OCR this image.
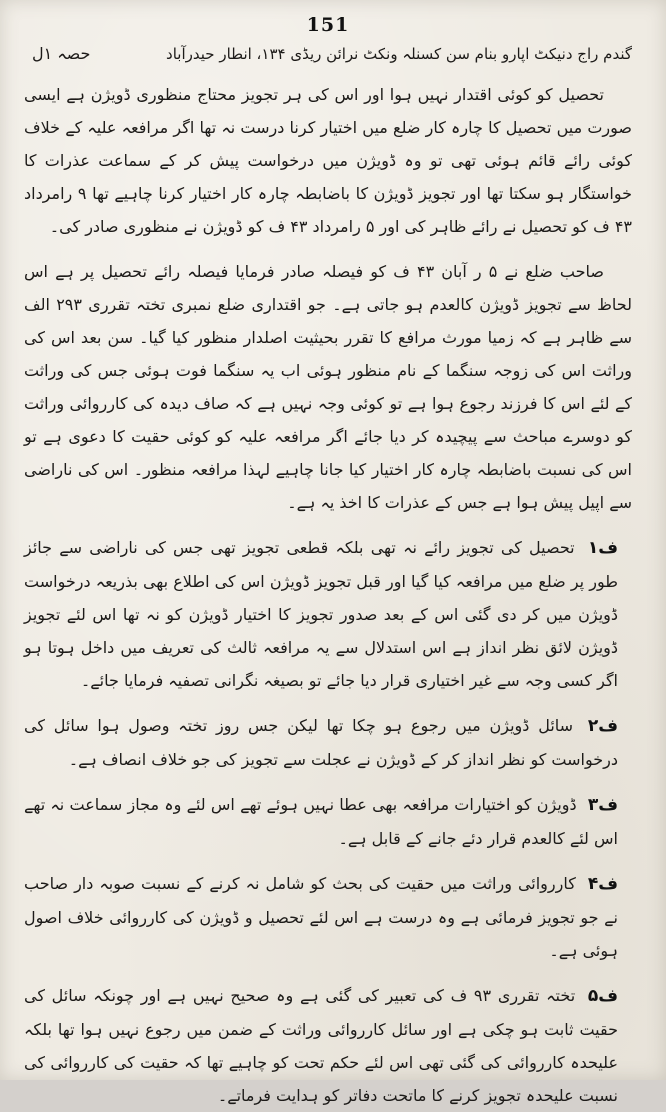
151
گندم راج دنیکٹ اپارو بنام سن کسنلہ ونکٹ نرائن ریڈی ۱۳۴، انطار حیدرآباد
حصہ ۱ل

تحصیل کو کوئی اقتدار نہیں ہوا اور اس کی ہر تجویز محتاج منظوری ڈویژن ہے ایسی صورت میں تحصیل کا چارہ کار ضلع میں اختیار کرنا درست نہ تھا اگر مرافعہ علیہ کے خلاف کوئی رائے قائم ہوئی تھی تو وہ ڈویژن میں درخواست پیش کر کے سماعت عذرات کا خواستگار ہو سکتا تھا اور تجویز ڈویژن کا باضابطہ چارہ کار اختیار کرنا چاہیے تھا ۹ رامرداد ۴۳ ف کو تحصیل نے رائے ظاہر کی اور ۵ رامرداد ۴۳ ف کو ڈویژن نے منظوری صادر کی۔

صاحب ضلع نے ۵ ر آبان ۴۳ ف کو فیصلہ صادر فرمایا فیصلہ رائے تحصیل پر ہے اس لحاظ سے تجویز ڈویژن کالعدم ہو جاتی ہے۔ جو اقتداری ضلع نمبری تختہ تقرری ۲۹۳ الف سے ظاہر ہے کہ زمیا مورث مرافع کا تقرر بحیثیت اصلدار منظور کیا گیا۔ سن بعد اس کی وراثت اس کی زوجہ سنگما کے نام منظور ہوئی اب یہ سنگما فوت ہوئی جس کی وراثت کے لئے اس کا فرزند رجوع ہوا ہے تو کوئی وجہ نہیں ہے کہ صاف دیدہ کی کارروائی وراثت کو دوسرے مباحث سے پیچیدہ کر دیا جائے اگر مرافعہ علیہ کو کوئی حقیت کا دعوی ہے تو اس کی نسبت باضابطہ چارہ کار اختیار کیا جانا چاہیے لہذا مرافعہ منظور۔ اس کی ناراضی سے اپیل پیش ہوا ہے جس کے عذرات کا اخذ یہ ہے۔

ف۱ تحصیل کی تجویز رائے نہ تھی بلکہ قطعی تجویز تھی جس کی ناراضی سے جائز طور پر ضلع میں مرافعہ کیا گیا اور قبل تجویز ڈویژن اس کی اطلاع بھی بذریعہ درخواست ڈویژن میں کر دی گئی اس کے بعد صدور تجویز کا اختیار ڈویژن کو نہ تھا اس لئے تجویز ڈویژن لائق نظر انداز ہے اس استدلال سے یہ مرافعہ ثالث کی تعریف میں داخل ہوتا ہو اگر کسی وجہ سے غیر اختیاری قرار دیا جائے تو بصیغہ نگرانی تصفیہ فرمایا جائے۔

ف۲ سائل ڈویژن میں رجوع ہو چکا تھا لیکن جس روز تختہ وصول ہوا سائل کی درخواست کو نظر انداز کر کے ڈویژن نے عجلت سے تجویز کی جو خلاف انصاف ہے۔

ف۳ ڈویژن کو اختیارات مرافعہ بھی عطا نہیں ہوئے تھے اس لئے وہ مجاز سماعت نہ تھے اس لئے کالعدم قرار دئے جانے کے قابل ہے۔

ف۴ کارروائی وراثت میں حقیت کی بحث کو شامل نہ کرنے کے نسبت صوبہ دار صاحب نے جو تجویز فرمائی ہے وہ درست ہے اس لئے تحصیل و ڈویژن کی کارروائی خلاف اصول ہوئی ہے۔

ف۵ تختہ تقرری ۹۳ ف کی تعبیر کی گئی ہے وہ صحیح نہیں ہے اور چونکہ سائل کی حقیت ثابت ہو چکی ہے اور سائل کارروائی وراثت کے ضمن میں رجوع نہیں ہوا تھا بلکہ علیحدہ کارروائی کی گئی تھی اس لئے حکم تحت کو چاہیے تھا کہ حقیت کی کارروائی کی نسبت علیحدہ تجویز کرنے کا ماتحت دفاتر کو ہدایت فرماتے۔
